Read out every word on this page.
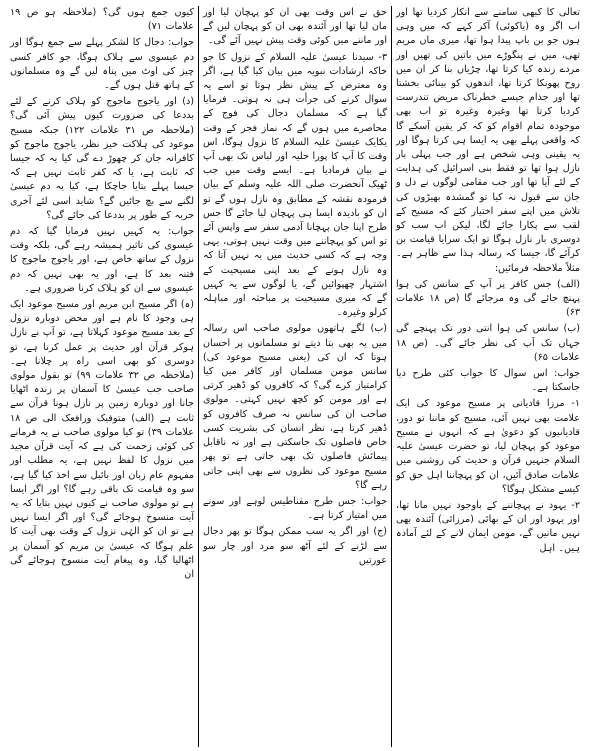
تعالی کا کبھی سامنے سے انکار کردیا تھا اور اب اگر وہ (یاکوئی) آکر کہے کہ میں وہی ہوں جو بن باپ پیدا ہوا تھا، میری ماں مریم تھی، میں نے پنگوڑے میں باتیں کی تھیں اور مردے زندہ کیا کرتا تھا، چڑیاں بنا کر ان میں روح پھونکا کرتا تھا، اندھوں کو بینائی بخشتا تھا اور جذام جیسے خطرناک مریض تندرست کردیا کرتا تھا وغیرہ وغیرہ تو اب بھی موجودہ تمام اقوام کو کہ کر یقین آسکے گا کہ واقعی پہلے بھی یہ ایسا ہی کرتا ہوگا اور یہ یقینی وہی شخص ہے اور جب پہلی بار نازل ہوا تھا تو فقط بنی اسرائیل کی ہدایت کے لئے آیا تھا اور جب مقامی لوگوں نے دل و جان سے قبول نہ کیا تو گمشدہ بھیڑوں کی تلاش میں اپنے سفر اختیار کئے کہ مسیح کے لقب سے پکارا جائے لگا، لیکن اب سب کو دوسری بار نازل ہوگا تو ایک سرایا قیامت بن کرآئے گا، جیسا کہ رسالہ ہذا سے ظاہر ہے۔ مثلاً ملاحظہ فرمائیں:

(الف) جس کافر پر آپ کے سانس کی ہوا پہنچ جائے گی وہ مرجائے گا (ص ۱۸ علامات ۶۳)

(ب) سانس کی ہوا انتی دور تک پہنچے گی جہاں تک آپ کی نظر جائے گی۔ (ص ۱۸ علامات ۶۵)

جواب: اس سوال کا جواب کئی طرح دیا جاسکتا ہے۔

۱- مرزا قادیانی پر مسیح موعود کی ایک علامت بھی نہیں آئی، مسیح کو ماننا تو دور، قادیانیوں کو دعویٰ ہے کہ انہوں نے مسیح موعود کو پہچان لیا، تو حضرت عیسیٰ علیہ السلام جنہیں قرآن و حدیث کی روشنی میں علامات صادق آئیں، ان کو پہچاننا اہل حق کو کیسے مشکل ہوگا؟

۲- یہود نے پہچاننے کے باوجود نہیں مانا تھا، اور یہود اور ان کے بھائی (مرزائی) آئندہ بھی نہیں مانیں گے، مومن ایمان لانے کے لئے آمادہ ہیں۔ اہل

حق نے اس وقت بھی ان کو پہچان لیا اور مان لیا تھا اور آئندہ بھی ان کو پہچان لیں گے اور ماننے میں کوئی وقت پیش نہیں آئے گی۔

۳- سیدنا عیسیٰ علیہ السلام کے نزول کا جو خاکہ ارشادات نبویہ میں بیان کیا گیا ہے، اگر وہ معترض کے پیش نظر ہوتا تو اسے یہ سوال کرنے کی جرأت ہی نہ ہوتی۔ فرمایا گیا ہے کہ مسلمان دجال کی فوج کے محاصرے میں ہوں گے کہ نماز فجر کے وقت یکایک عیسیٰ علیہ السلام کا نزول ہوگا، اس وقت کا آپ کا پورا حلیہ اور لباس تک بھی آپ نے بیان فرمادیا ہے۔ ایسے وقت میں جب ٹھیک آنحضرت صلی اللہ علیہ وسلم کے بیان فرمودہ نقشہ کے مطابق وہ نازل ہوں گے تو ان کو بادیدہ ایسا ہی پہچان لیا جائے گا جس طرح اپنا جان پہچانا آدمی سفر سے واپس آئے تو اس کو پہچاننے میں وقت نہیں ہوتی، یہی وجہ ہے کہ کسی حدیث میں یہ نہیں آتا کہ وہ نازل ہونے کے بعد اپنی مسیحیت کے اشتہار چھپوائیں گے، یا لوگوں سے یہ کہیں گے کہ میری مسیحیت پر مباحثہ اور مباہلہ کرلو وغیرہ۔

(ب) لگے ہاتھوں مولوی صاحب اس رسالہ میں یہ بھی بتا دیتے تو مسلمانوں پر احسان ہوتا کہ ان کی (یعنی مسیح موعود کی) سانس مومن مسلمان اور کافر میں کیا کرامتیاز کرے گی؟ کہ کافروں کو ڈھیر کرتی ہے اور مومن کو کچھ نہیں کہتی۔ مولوی صاحب ان کی سانس نہ صرف کافروں کو ڈھیر کرتا ہے، نظر انسان کی بشریت کسی خاص فاصلوں تک جاسکتی ہے اور نہ ناقابل پیمائش فاصلوں تک بھی جاتی ہے تو پھر مسیح موعود کی نظروں سے بھی اپنی جاتی رہے گا؟

جواب: جس طرح مقناطیس لوہے اور سونے میں امتیاز کرتا ہے۔

(ج) اور اگر یہ سب ممکن ہوگا تو پھر دجال سے لڑنے کے لئے آٹھ سو مرد اور چار سو عورتیں

کیوں جمع ہوں گی؟ (ملاحظہ ہو ص ۱۹ علامات ۷۱)

جواب: دجال کا لشکر پہلے سے جمع ہوگا اور دم عیسوی سے ہلاک ہوگا، جو کافر کسی چیز کی اوٹ میں پناہ لیں گے وہ مسلمانوں کے ہاتھ قتل ہوں گے۔

(د) اور یاجوج ماجوج کو ہلاک کرنے کے لئے بددعا کی ضرورت کیوں پیش آئی گی؟ (ملاحظہ ص ۳۱ علامات ۱۲۲) جبکہ مسیح موعود کی ہلاکت خیز نظر، یاجوج ماجوج کو کافرانہ جان کر چھوڑ دے گی کیا یہ کہ جیسا کہ ثابت ہے، یا کہ کفر ثابت نہیں ہے کہ جیسا پہلے بتایا جاچکا ہے، کیا یہ دم عیسیٰ لگنے سے بچ جائیں گے؟ شاید اسی لئے آخری حربہ کے طور پر بددعا کی جائے گی؟

جواب: یہ کہیں نہیں فرمایا گیا کہ دم عیسوی کی تاثیر ہمیشہ رہے گی، بلکہ وقت نزول کے ساتھ خاص ہے، اور یاجوج ماجوج کا فتنہ بعد کا ہے، اور یہ بھی نہیں کہ دم عیسوی سے ان کو ہلاک کرنا ضروری ہے۔

(ہ) اگر مسیح ابن مریم اور مسیح موعود ایک ہی وجود کا نام ہے اور محض دوبارہ نزول کے بعد مسیح موعود کہلاتا ہے، تو آپ نے نازل ہوکر قرآن اور حدیث پر عمل کرنا ہے، تو دوسری کو بھی اسی راہ پر چلانا ہے۔ (ملاحظہ ص ۳۲ علامات ۹۹) تو بقول مولوی صاحب جب عیسیٰ کا آسمان پر زندہ اٹھایا جانا اور دوبارہ زمین پر نازل ہونا قرآن سے ثابت ہے (الف) متوفیک ورافعک الی ص ۱۸ علامات ۳۹) تو کیا مولوی صاحب نے یہ فرمانے کی کوئی زحمت کی ہے کہ آیت قرآن مجید میں نزول کا لفظ نہیں ہے، یہ مطلب اور مفہوم عام زبان اور بائبل سے اخذ کیا گیا ہے، سو وہ قیامت تک باقی رہے گا؟ اور اگر ایسا ہے تو مولوی صاحب نے کیوں نہیں بتایا کہ یہ آیت منسوخ ہوجائے گی؟ اور اگر ایسا نہیں ہے تو ان کو الہٰی نزول کے وقت بھی آیت کا علم ہوگا کہ عیسیٰ بن مریم کو آسمان پر اٹھالیا گیا، وہ پیغام آیت منسوخ ہوجائے گی ان
